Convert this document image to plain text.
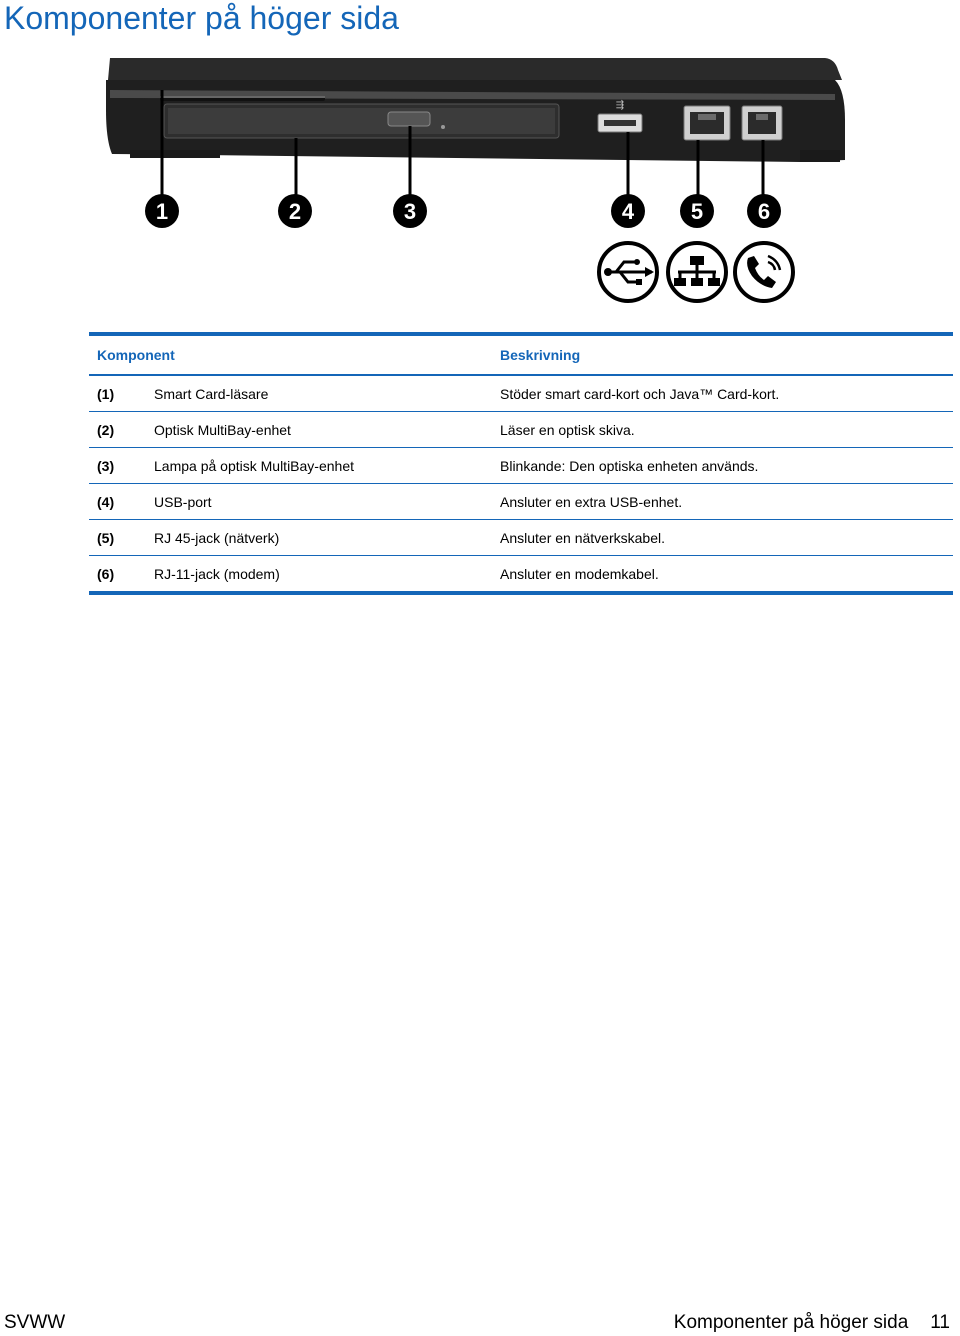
Komponenter på höger sida
⇶
1	2	3	4	5 6
Komponent		Beskrivning
(1)	Smart Card-läsare	Stöder smart card-kort och Java™ Card-kort.
(2)	Optisk MultiBay-enhet	Läser en optisk skiva.
(3)	Lampa på optisk MultiBay-enhet	Blinkande: Den optiska enheten används.
(4)	USB-port	Ansluter en extra USB-enhet.
(5)	RJ 45-jack (nätverk)	Ansluter en nätverkskabel.
(6)	RJ-11-jack (modem)	Ansluter en modemkabel.
SVWW	Komponenter på höger sida 11
